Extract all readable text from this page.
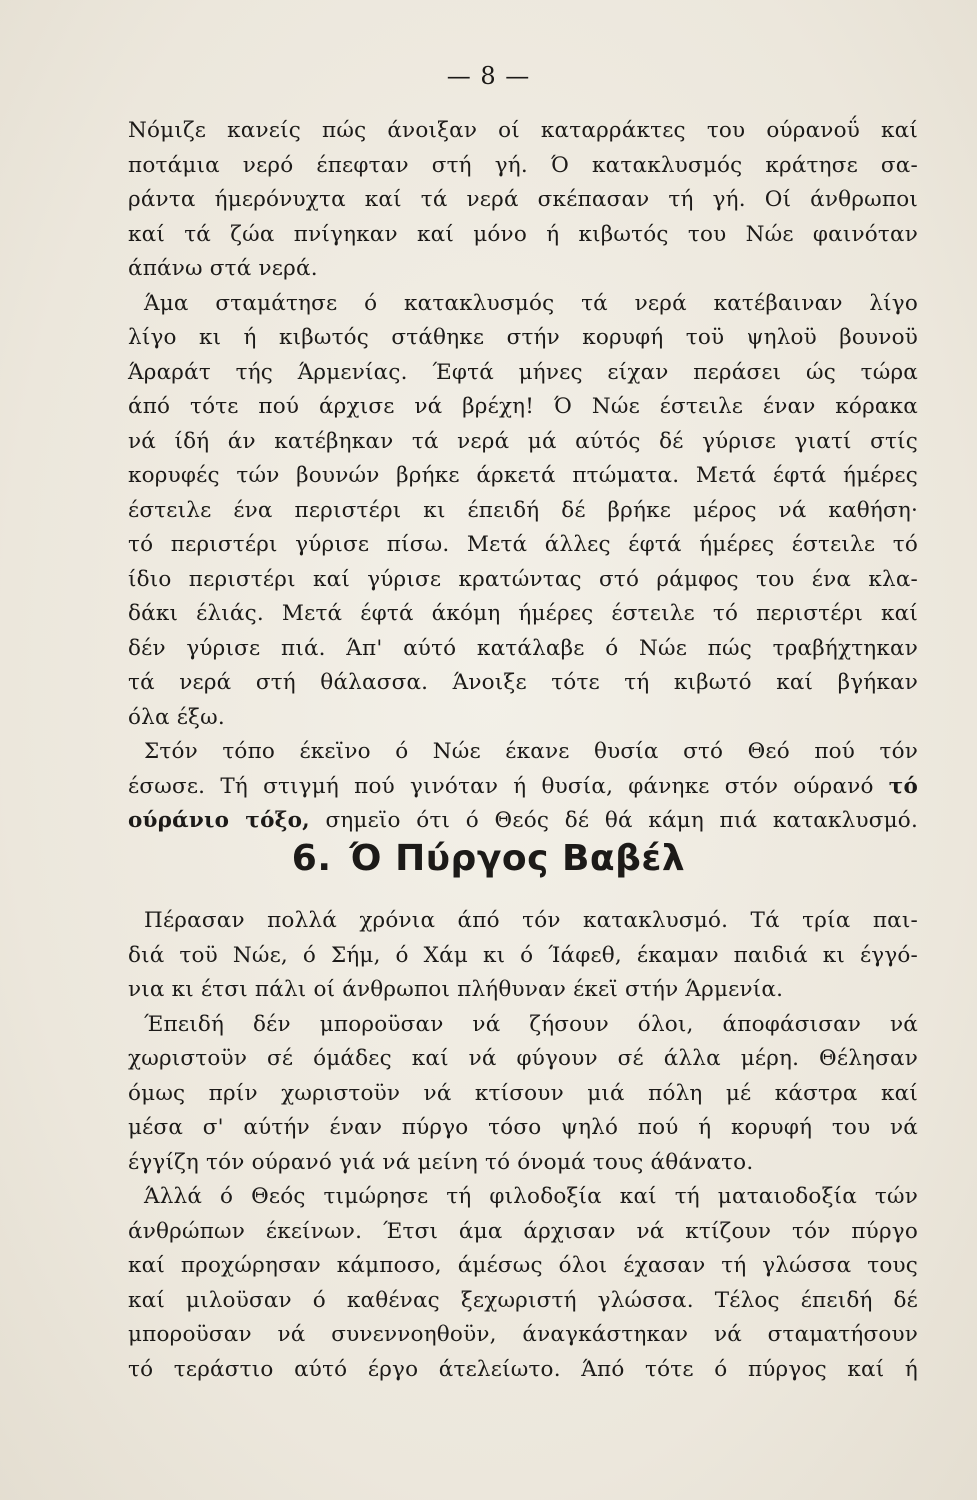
— 8 —
Νόμιζε κανείς πώς άνοιξαν οί καταρράκτες του ούρανοΰ καί
ποτάμια νερό έπεφταν στή γή. Ό κατακλυσμός κράτησε σα-
ράντα ήμερόνυχτα καί τά νερά σκέπασαν τή γή. Οί άνθρωποι
καί τά ζώα πνίγηκαν καί μόνο ή κιβωτός του Νώε φαινόταν
άπάνω στά νερά.
Άμα σταμάτησε ό κατακλυσμός τά νερά κατέβαιναν λίγο
λίγο κι ή κιβωτός στάθηκε στήν κορυφή τοϋ ψηλοϋ βουνοϋ
Άραράτ τής Άρμενίας. Έφτά μήνες είχαν περάσει ώς τώρα
άπό τότε πού άρχισε νά βρέχη! Ό Νώε έστειλε έναν κόρακα
νά ίδή άν κατέβηκαν τά νερά μά αύτός δέ γύρισε γιατί στίς
κορυφές τών βουνών βρήκε άρκετά πτώματα. Μετά έφτά ήμέρες
έστειλε ένα περιστέρι κι έπειδή δέ βρήκε μέρος νά καθήση·
τό περιστέρι γύρισε πίσω. Μετά άλλες έφτά ήμέρες έστειλε τό
ίδιο περιστέρι καί γύρισε κρατώντας στό ράμφος του ένα κλα-
δάκι έλιάς. Μετά έφτά άκόμη ήμέρες έστειλε τό περιστέρι καί
δέν γύρισε πιά. Άπ' αύτό κατάλαβε ό Νώε πώς τραβήχτηκαν
τά νερά στή θάλασσα. Άνοιξε τότε τή κιβωτό καί βγήκαν
όλα έξω.
Στόν τόπο έκεϊνο ό Νώε έκανε θυσία στό Θεό πού τόν
έσωσε. Τή στιγμή πού γινόταν ή θυσία, φάνηκε στόν ούρανό τό
ούράνιο τόξο, σημεϊο ότι ό Θεός δέ θά κάμη πιά κατακλυσμό.
6. Ό Πύργος Βαβέλ
Πέρασαν πολλά χρόνια άπό τόν κατακλυσμό. Τά τρία παι-
διά τοϋ Νώε, ό Σήμ, ό Χάμ κι ό Ίάφεθ, έκαμαν παιδιά κι έγγό-
νια κι έτσι πάλι οί άνθρωποι πλήθυναν έκεϊ στήν Άρμενία.
Έπειδή δέν μποροϋσαν νά ζήσουν όλοι, άποφάσισαν νά
χωριστοϋν σέ όμάδες καί νά φύγουν σέ άλλα μέρη. Θέλησαν
όμως πρίν χωριστοϋν νά κτίσουν μιά πόλη μέ κάστρα καί
μέσα σ' αύτήν έναν πύργο τόσο ψηλό πού ή κορυφή του νά
έγγίζη τόν ούρανό γιά νά μείνη τό όνομά τους άθάνατο.
Άλλά ό Θεός τιμώρησε τή φιλοδοξία καί τή ματαιοδοξία τών
άνθρώπων έκείνων. Έτσι άμα άρχισαν νά κτίζουν τόν πύργο
καί προχώρησαν κάμποσο, άμέσως όλοι έχασαν τή γλώσσα τους
καί μιλοϋσαν ό καθένας ξεχωριστή γλώσσα. Τέλος έπειδή δέ
μποροϋσαν νά συνεννοηθοϋν, άναγκάστηκαν νά σταματήσουν
τό τεράστιο αύτό έργο άτελείωτο. Άπό τότε ό πύργος καί ή
